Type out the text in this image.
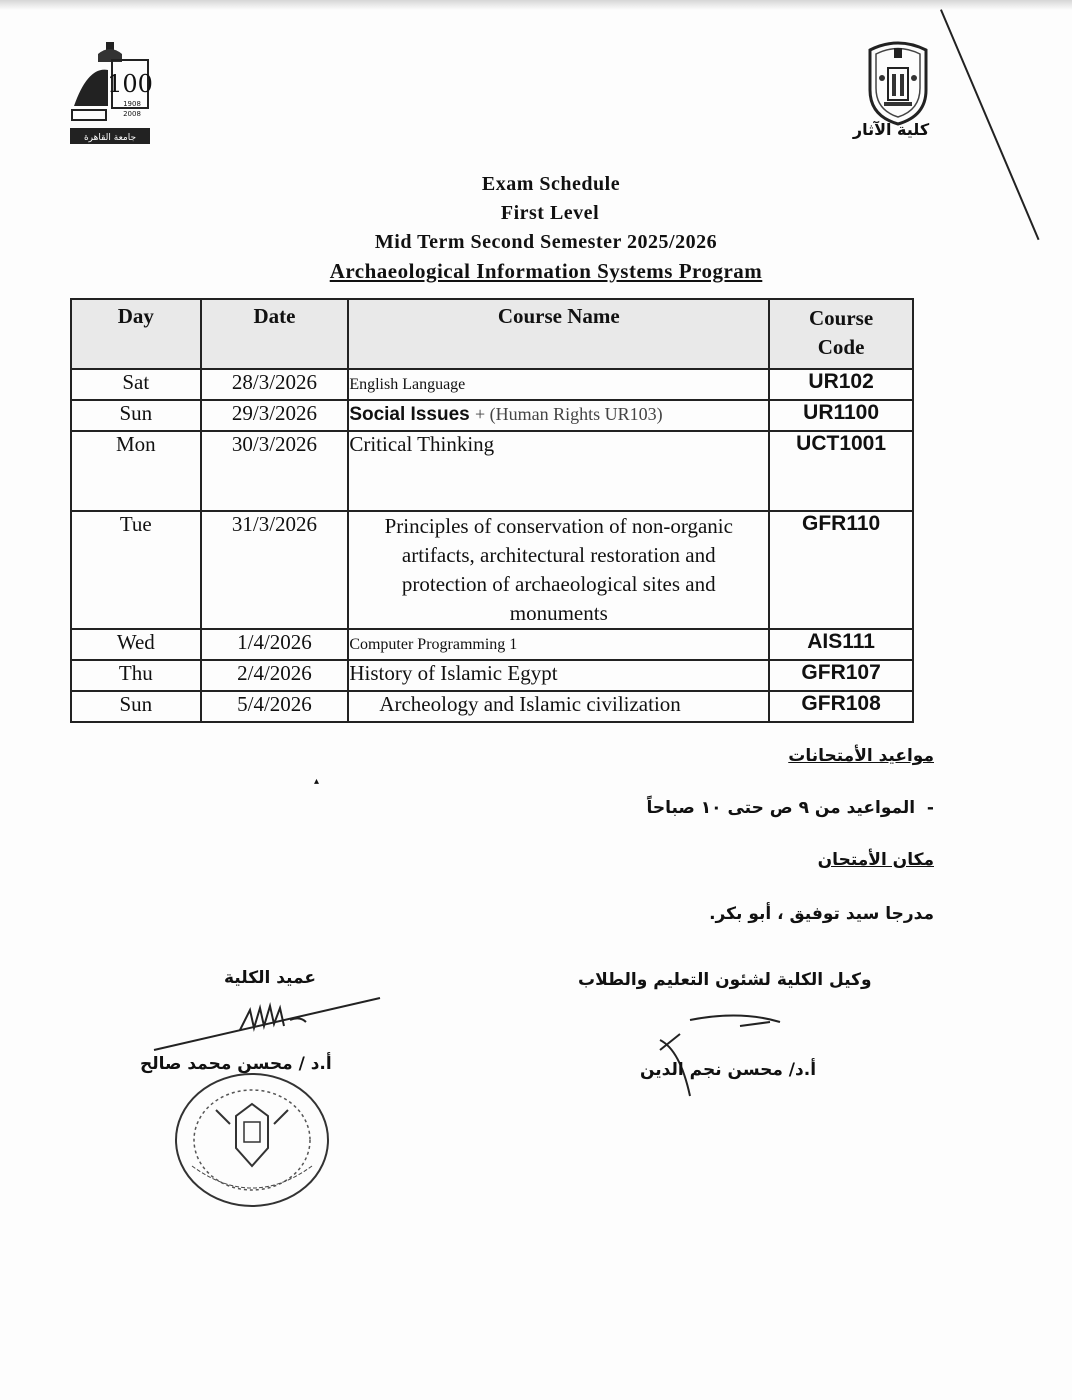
100
1908
2008
جامعة القاهرة	كلية الآثار
Exam Schedule
First Level
Mid Term Second Semester 2025/2026
Archaeological Information Systems Program
Day	Date	Course Name	Course Code
Sat	28/3/2026	English Language	UR102
Sun	29/3/2026	Social Issues + (Human Rights UR103)	UR1100
Mon	30/3/2026	Critical Thinking	UCT1001
Tue	31/3/2026	Principles of conservation of non-organic artifacts, architectural restoration and protection of archaeological sites and monuments	GFR110
Wed	1/4/2026	Computer Programming 1	AIS111
Thu	2/4/2026	History of Islamic Egypt	GFR107
Sun	5/4/2026	Archeology and Islamic civilization	GFR108
▴
مواعيد الأمتحانات
-  المواعيد من ٩ ص حتى ١٠ صباحاً
مكان الأمتحان
مدرجا سيد توفيق ، أبو بكر.
عميد الكلية	وكيل الكلية لشئون التعليم والطلاب
أ.د / محسن محمد صالح	أ.د/ محسن نجم الدين
